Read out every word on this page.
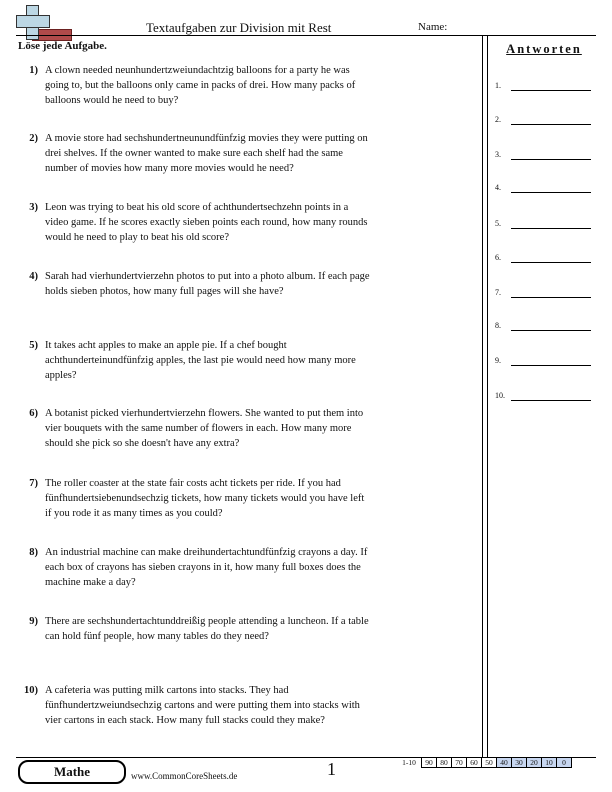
Textaufgaben zur Division mit Rest	Name:
Löse jede Aufgabe.
1) A clown needed neunhundertzweiundachtzig balloons for a party he was going to, but the balloons only came in packs of drei. How many packs of balloons would he need to buy?
2) A movie store had sechshundertneunundfünfzig movies they were putting on drei shelves. If the owner wanted to make sure each shelf had the same number of movies how many more movies would he need?
3) Leon was trying to beat his old score of achthundertsechzehn points in a video game. If he scores exactly sieben points each round, how many rounds would he need to play to beat his old score?
4) Sarah had vierhundertvierzehn photos to put into a photo album. If each page holds sieben photos, how many full pages will she have?
5) It takes acht apples to make an apple pie. If a chef bought achthunderteinundfünfzig apples, the last pie would need how many more apples?
6) A botanist picked vierhundertvierzehn flowers. She wanted to put them into vier bouquets with the same number of flowers in each. How many more should she pick so she doesn't have any extra?
7) The roller coaster at the state fair costs acht tickets per ride. If you had fünfhundertsiebenundsechzig tickets, how many tickets would you have left if you rode it as many times as you could?
8) An industrial machine can make dreihundertachtundfünfzig crayons a day. If each box of crayons has sieben crayons in it, how many full boxes does the machine make a day?
9) There are sechshundertachtunddreißig people attending a luncheon. If a table can hold fünf people, how many tables do they need?
10) A cafeteria was putting milk cartons into stacks. They had fünfhundertzweiundsechzig cartons and were putting them into stacks with vier cartons in each stack. How many full stacks could they make?
Antworten
1.
2.
3.
4.
5.
6.
7.
8.
9.
10.
Mathe	www.CommonCoreSheets.de	1	1-10	90	80	70	60	50	40	30	20	10	0
